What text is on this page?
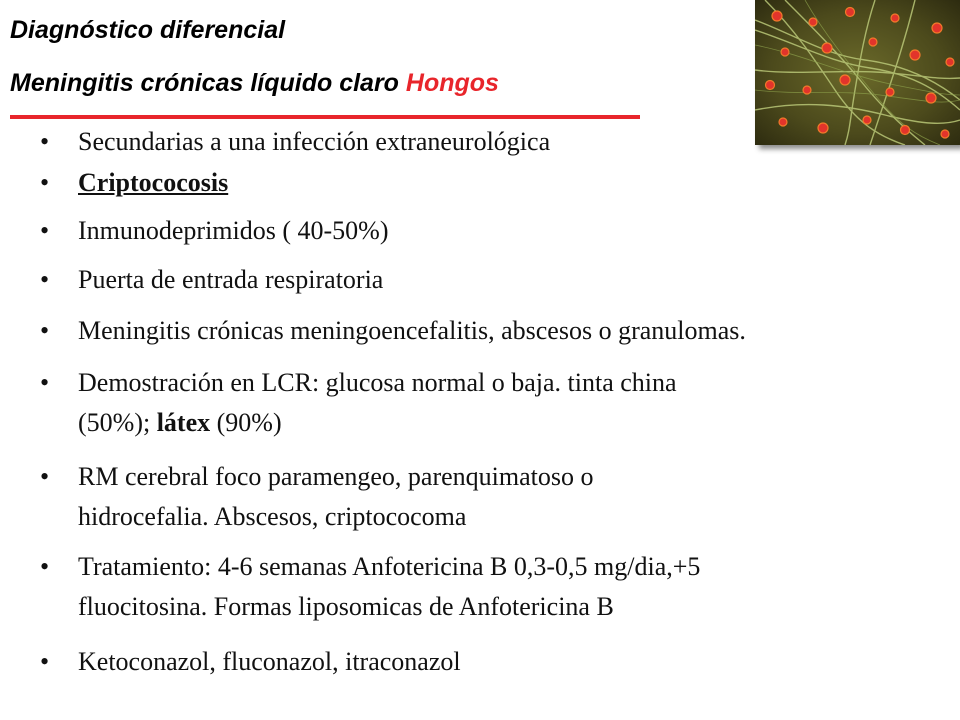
Diagnóstico diferencial
Meningitis crónicas líquido claro Hongos
•	Secundarias a una infección extraneurológica
•	Criptococosis
•	Inmunodeprimidos ( 40-50%)
•	Puerta de entrada respiratoria
•	Meningitis crónicas meningoencefalitis, abscesos o granulomas.
•	Demostración en LCR: glucosa normal o baja. tinta china
(50%); látex (90%)
•	RM cerebral foco paramengeo, parenquimatoso o
hidrocefalia. Abscesos, criptococoma
•	Tratamiento: 4-6 semanas Anfotericina B 0,3-0,5 mg/dia,+5
fluocitosina. Formas liposomicas de Anfotericina B
•	Ketoconazol, fluconazol, itraconazol
